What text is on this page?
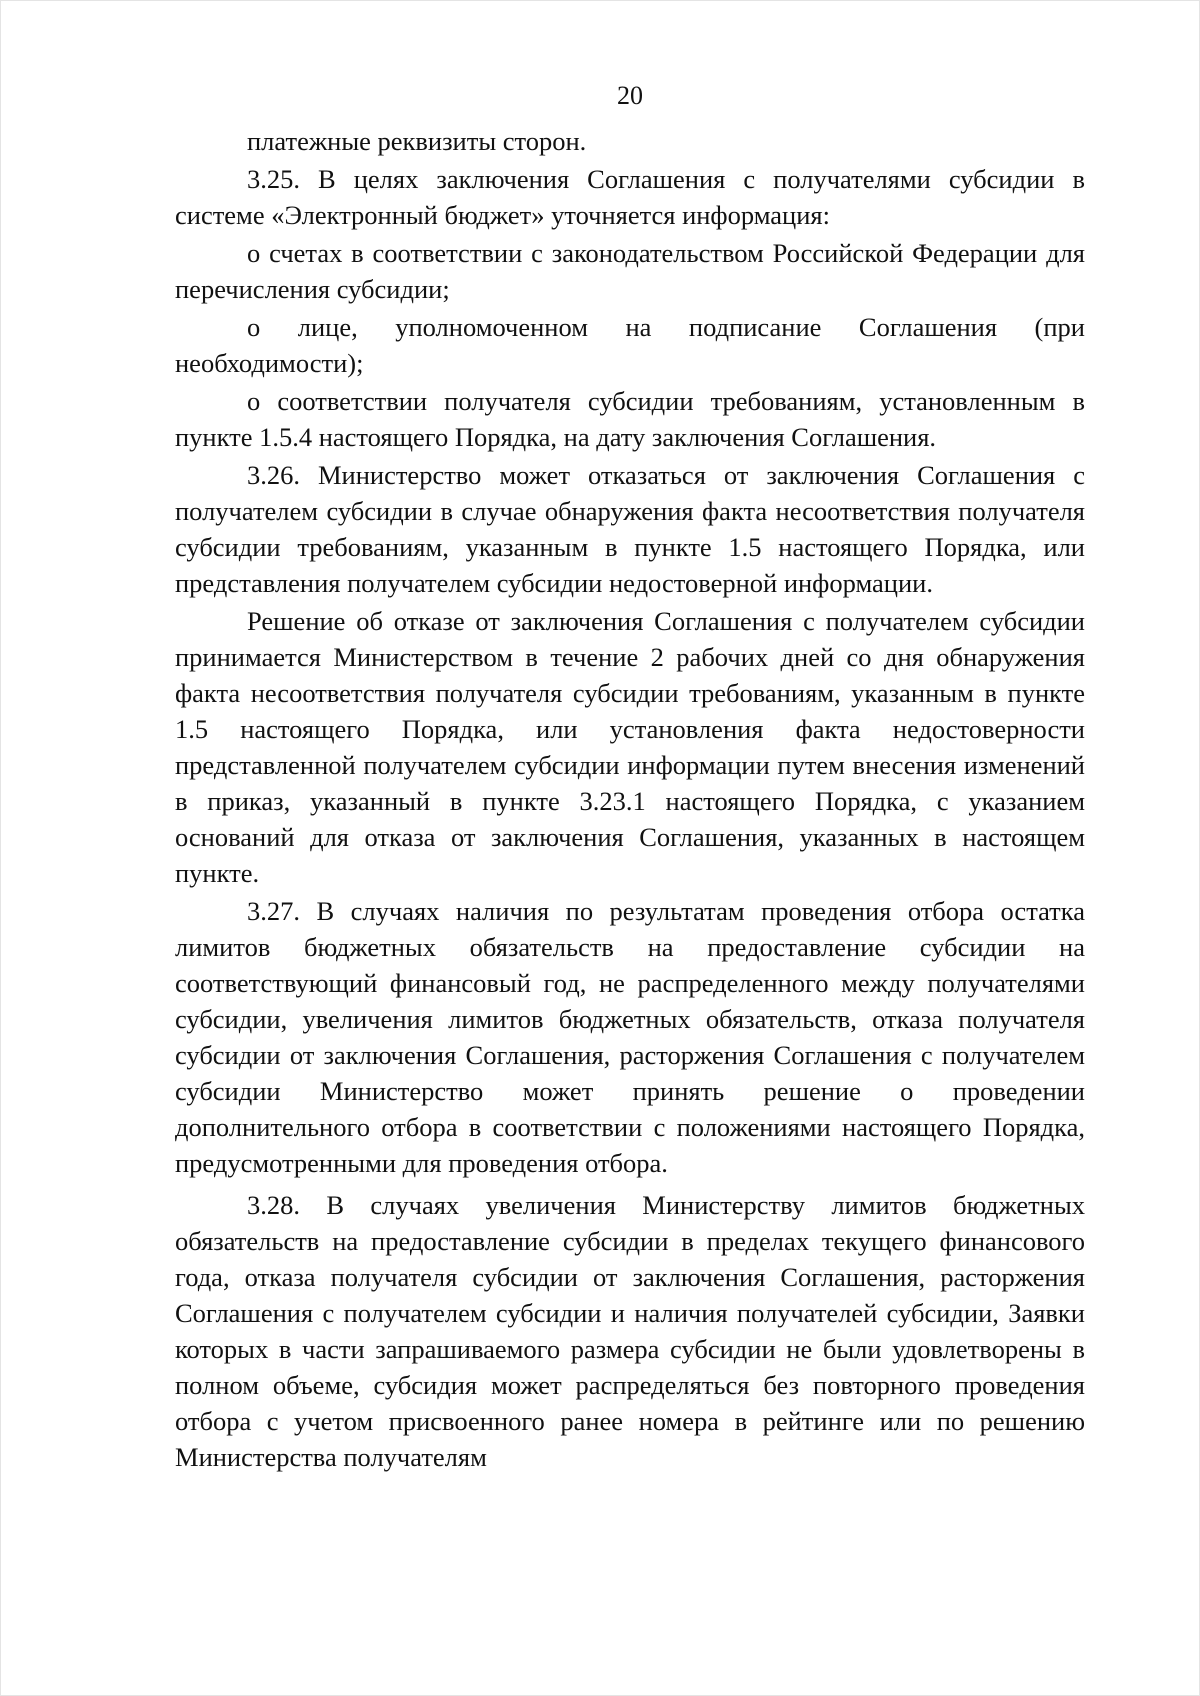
20

платежные реквизиты сторон.

3.25. В целях заключения Соглашения с получателями субсидии в системе «Электронный бюджет» уточняется информация:

о счетах в соответствии с законодательством Российской Федерации для перечисления субсидии;

о лице, уполномоченном на подписание Соглашения (при необходимости);

о соответствии получателя субсидии требованиям, установленным в пункте 1.5.4 настоящего Порядка, на дату заключения Соглашения.

3.26. Министерство может отказаться от заключения Соглашения с получателем субсидии в случае обнаружения факта несоответствия получателя субсидии требованиям, указанным в пункте 1.5 настоящего Порядка, или представления получателем субсидии недостоверной информации.

Решение об отказе от заключения Соглашения с получателем субсидии принимается Министерством в течение 2 рабочих дней со дня обнаружения факта несоответствия получателя субсидии требованиям, указанным в пункте 1.5 настоящего Порядка, или установления факта недостоверности представленной получателем субсидии информации путем внесения изменений в приказ, указанный в пункте 3.23.1 настоящего Порядка, с указанием оснований для отказа от заключения Соглашения, указанных в настоящем пункте.

3.27. В случаях наличия по результатам проведения отбора остатка лимитов бюджетных обязательств на предоставление субсидии на соответствующий финансовый год, не распределенного между получателями субсидии, увеличения лимитов бюджетных обязательств, отказа получателя субсидии от заключения Соглашения, расторжения Соглашения с получателем субсидии Министерство может принять решение о проведении дополнительного отбора в соответствии с положениями настоящего Порядка, предусмотренными для проведения отбора.

3.28. В случаях увеличения Министерству лимитов бюджетных обязательств на предоставление субсидии в пределах текущего финансового года, отказа получателя субсидии от заключения Соглашения, расторжения Соглашения с получателем субсидии и наличия получателей субсидии, Заявки которых в части запрашиваемого размера субсидии не были удовлетворены в полном объеме, субсидия может распределяться без повторного проведения отбора с учетом присвоенного ранее номера в рейтинге или по решению Министерства получателям
